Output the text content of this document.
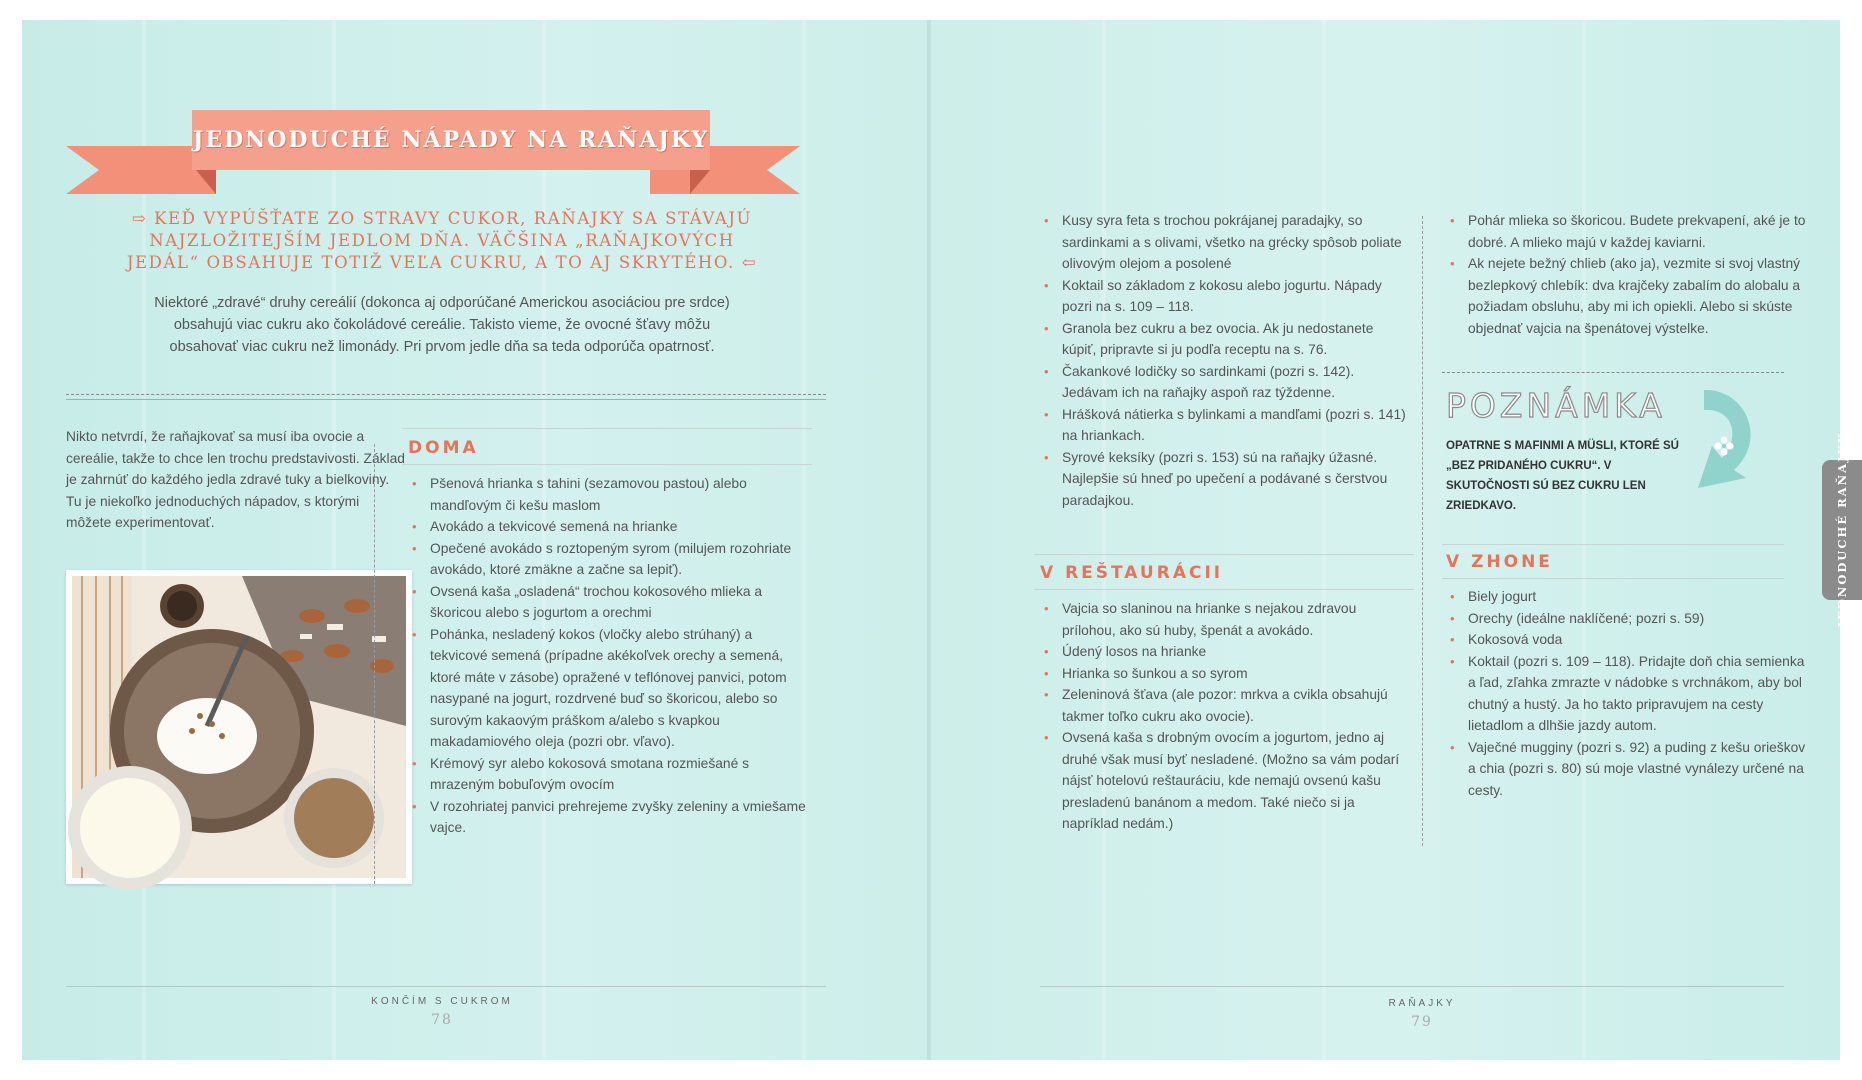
JEDNODUCHÉ NÁPADY NA RAŇAJKY
⇨ KEĎ VYPÚŠŤATE ZO STRAVY CUKOR, RAŇAJKY SA STÁVAJÚ NAJZLOŽITEJŠÍM JEDLOM DŇA. VÄČŠINA „RAŇAJKOVÝCH JEDÁL“ OBSAHUJE TOTIŽ VEĽA CUKRU, A TO AJ SKRYTÉHO. ⇦
Niektoré „zdravé“ druhy cereálií (dokonca aj odporúčané Americkou asociáciou pre srdce) obsahujú viac cukru ako čokoládové cereálie. Takisto vieme, že ovocné šťavy môžu obsahovať viac cukru než limonády. Pri prvom jedle dňa sa teda odporúča opatrnosť.
Nikto netvrdí, že raňajkovať sa musí iba ovocie a cereálie, takže to chce len trochu predstavivosti. Základ je zahrnúť do každého jedla zdravé tuky a bielkoviny. Tu je niekoľko jednoduchých nápadov, s ktorými môžete experimentovať.
DOMA
• Pšenová hrianka s tahini (sezamovou pastou) alebo mandľovým či kešu maslom
• Avokádo a tekvicové semená na hrianke
• Opečené avokádo s roztopeným syrom (milujem rozohriate avokádo, ktoré zmäkne a začne sa lepiť).
• Ovsená kaša „osladená“ trochou kokosového mlieka a škoricou alebo s jogurtom a orechmi
• Pohánka, nesladený kokos (vločky alebo strúhaný) a tekvicové semená (prípadne akékoľvek orechy a semená, ktoré máte v zásobe) opražené v teflónovej panvici, potom nasypané na jogurt, rozdrvené buď so škoricou, alebo so surovým kakaovým práškom a/alebo s kvapkou makadamiového oleja (pozri obr. vľavo).
• Krémový syr alebo kokosová smotana rozmiešané s mrazeným bobuľovým ovocím
• V rozohriatej panvici prehrejeme zvyšky zeleniny a vmiešame vajce.
KONČÍM S CUKROM
78
• Kusy syra feta s trochou pokrájanej paradajky, so sardinkami a s olivami, všetko na grécky spôsob poliate olivovým olejom a posolené
• Koktail so základom z kokosu alebo jogurtu. Nápady pozri na s. 109 – 118.
• Granola bez cukru a bez ovocia. Ak ju nedostanete kúpiť, pripravte si ju podľa receptu na s. 76.
• Čakankové lodičky so sardinkami (pozri s. 142). Jedávam ich na raňajky aspoň raz týždenne.
• Hrášková nátierka s bylinkami a mandľami (pozri s. 141) na hriankach.
• Syrové keksíky (pozri s. 153) sú na raňajky úžasné. Najlepšie sú hneď po upečení a podávané s čerstvou paradajkou.
V REŠTAURÁCII
• Vajcia so slaninou na hrianke s nejakou zdravou prílohou, ako sú huby, špenát a avokádo.
• Údený losos na hrianke
• Hrianka so šunkou a so syrom
• Zeleninová šťava (ale pozor: mrkva a cvikla obsahujú takmer toľko cukru ako ovocie).
• Ovsená kaša s drobným ovocím a jogurtom, jedno aj druhé však musí byť nesladené. (Možno sa vám podarí nájsť hotelovú reštauráciu, kde nemajú ovsenú kašu presladenú banánom a medom. Také niečo si ja napríklad nedám.)
• Pohár mlieka so škoricou. Budete prekvapení, aké je to dobré. A mlieko majú v každej kaviarni.
• Ak nejete bežný chlieb (ako ja), vezmite si svoj vlastný bezlepkový chlebík: dva krajčeky zabalím do alobalu a požiadam obsluhu, aby mi ich opiekli. Alebo si skúste objednať vajcia na špenátovej výstelke.
POZNÁMKA
OPATRNE S MAFINMI A MÜSLI, KTORÉ SÚ „BEZ PRIDANÉHO CUKRU“. V SKUTOČNOSTI SÚ BEZ CUKRU LEN ZRIEDKAVO.
V ZHONE
• Biely jogurt
• Orechy (ideálne naklíčené; pozri s. 59)
• Kokosová voda
• Koktail (pozri s. 109 – 118). Pridajte doň chia semienka a ľad, zľahka zmrazte v nádobke s vrchnákom, aby bol chutný a hustý. Ja ho takto pripravujem na cesty lietadlom a dlhšie jazdy autom.
• Vaječné mugginy (pozri s. 92) a puding z kešu orieškov a chia (pozri s. 80) sú moje vlastné vynálezy určené na cesty.
JEDNODUCHÉ RAŇAJKY
RAŇAJKY
79
